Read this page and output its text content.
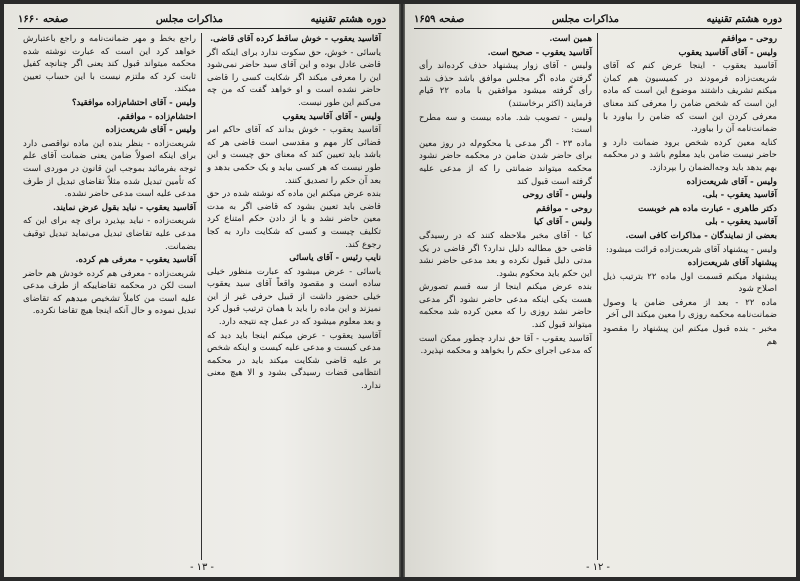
دوره هشتم تقنینیه
مذاکرات مجلس
صفحه ۱۶۶۰

آقاسید یعقوب - خوش ساقط کرده آقای قاضی.

یاسائی - خوش، حق سکوت ندارد برای اینکه اگر قاضی عادل بوده و این آقای سید حاضر نمی‌شود این را معرفی میکند اگر شکایت کسی را قاضی حاضر نشده است و او خواهد گفت که من چه می‌کنم این طور نیست.

ولیس - آقای آقاسید یعقوب

آقاسید یعقوب - خوش بداند که آقای حاکم امر قضائی کار مهم و مقدسی است قاضی هر که باشد باید تعیین کند که معنای حق چیست و این طور نیست که هر کسی بیاید و یک حکمی بدهد و بعد آن حکم را تصدیق کنند.

بنده عرض میکنم این ماده که نوشته شده در حق قاضی باید تعیین بشود که قاضی اگر به مدت معین حاضر نشد و یا از دادن حکم امتناع کرد تکلیف چیست و کسی که شکایت دارد به کجا رجوع کند.

نایب رئیس - آقای یاسائی

یاسائی - عرض میشود که عبارت منظور خیلی ساده است و مقصود واقعاً آقای سید یعقوب خیلی حضور داشت از قبیل حرفی غیر از این نمیزند و این ماده را باید با همان ترتیب قبول کرد و بعد معلوم میشود که در عمل چه نتیجه دارد.

آقاسید یعقوب - عرض میکنم اینجا باید دید که مدعی کیست و مدعی علیه کیست و اینکه شخص بر علیه قاضی شکایت میکند باید در محکمه انتظامی قضات رسیدگی بشود و الا هیچ معنی ندارد.

راجع بخط و مهر ضمانت‌نامه و راجع باعتبارش خواهد کرد این است که عبارت نوشته شده محکمه میتواند قبول کند یعنی اگر چنانچه کفیل ثابت کرد که ملتزم نیست با این حساب تعیین میکند.

ولیس - آقای احتشام‌زاده موافقید؟

احتشام‌زاده - موافقم.

ولیس - آقای شریعت‌زاده

شریعت‌زاده - بنظر بنده این ماده نواقصی دارد برای اینکه اصولاً ضامن یعنی ضمانت آقای علم توجه بفرمائید بموجب این قانون در موردی است که تأمین تبدیل شده مثلاً تقاضای تبدیل از طرف مدعی علیه است مدعی حاضر نشده.

آقاسید یعقوب - نباید بقول عرض نمایند.

شریعت‌زاده - نباید بپذیرد برای چه برای این که مدعی علیه تقاضای تبدیل می‌نماید تبدیل توقیف بضمانت.

آقاسید یعقوب - معرفی هم کرده.

شریعت‌زاده - معرفی هم کرده خودش هم حاضر است لکن در محکمه تقاضاییکه از طرف مدعی علیه است من کاملاً تشخیص میدهم که تقاضای تبدیل نموده و حال آنکه اینجا هیچ تقاضا نکرده.

- ۱۳ -
دوره هشتم تقنینیه
مذاکرات مجلس
صفحه ۱۶۵۹

روحی - موافقم

ولیس - آقای آقاسید یعقوب

آقاسید یعقوب - اینجا عرض کنم که آقای شریعت‌زاده فرمودند در کمیسیون هم کمان میکنم تشریف داشتند موضوع این است که ماده این است که شخص ضامن را معرفی کند معنای معرفی کردن این است که ضامن را بیاورد با ضمانت‌نامه آن را بیاورد.

کنایه معین کرده شخص برود ضمانت دارد و حاضر نیست ضامن باید معلوم باشد و در محکمه بهم بدهد باید وجه‌الضمان را بپردازد.

ولیس - آقای شریعت‌زاده

آقاسید یعقوب - بلی.

دکتر طاهری - عبارت ماده هم خوبست

آقاسید یعقوب - بلی

بعضی از نمایندگان - مذاکرات کافی است.

ولیس - پیشنهاد آقای شریعت‌زاده قرائت میشود:

پیشنهاد آقای شریعت‌زاده

پیشنهاد میکنم قسمت اول ماده ۲۲ بترتیب ذیل اصلاح شود

ماده ۲۲ - بعد از معرفی ضامن یا وصول ضمانت‌نامه محکمه روزی را معین میکند الی آخر

مخبر - بنده قبول میکنم این پیشنهاد را مقصود هم

همین است.

آقاسید یعقوب - صحیح است.

ولیس - آقای زوار پیشنهاد حذف کرده‌اند رأی گرفتن ماده اگر مجلس موافق باشد حذف شد رأی گرفته میشود موافقین با ماده ۲۲ قیام فرمایند (اکثر برخاستند)

ولیس - تصویب شد. ماده بیست و سه مطرح است:

ماده ۲۳ - اگر مدعی یا محکوم‌له در روز معین برای حاضر شدن ضامن در محکمه حاضر نشود محکمه میتواند ضمانتی را که از مدعی علیه گرفته است قبول کند

ولیس - آقای روحی

روحی - موافقم

ولیس - آقای کیا

کیا - آقای مخبر ملاحظه کنند که در رسیدگی قاضی حق مطالبه دلیل ندارد؟ اگر قاضی در یک مدتی دلیل قبول نکرده و بعد مدعی حاضر نشد این حکم باید محکوم بشود.

بنده عرض میکنم اینجا از سه قسم تصورش هست یکی اینکه مدعی حاضر نشود اگر مدعی حاضر نشد روزی را که معین کرده شد محکمه میتواند قبول کند.

آقاسید یعقوب - آقا حق ندارد چطور ممکن است که مدعی اجرای حکم را بخواهد و محکمه نپذیرد.

- ۱۲ -
